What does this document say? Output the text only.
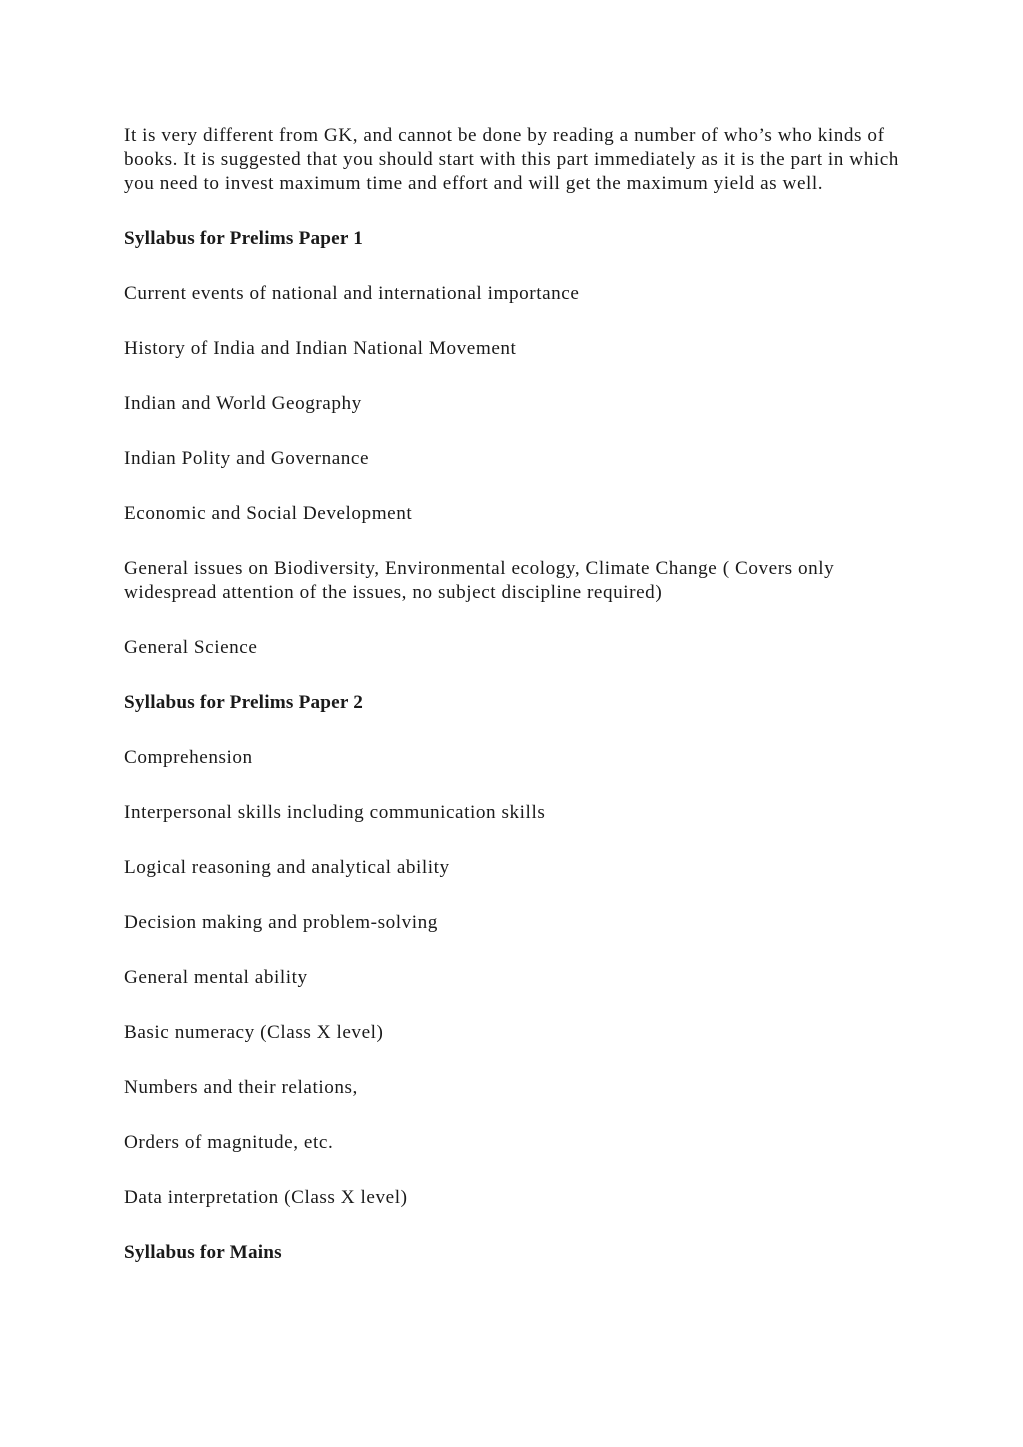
It is very different from GK, and cannot be done by reading a number of who’s who kinds of books. It is suggested that you should start with this part immediately as it is the part in which you need to invest maximum time and effort and will get the maximum yield as well.

Syllabus for Prelims Paper 1

Current events of national and international importance

History of India and Indian National Movement

Indian and World Geography

Indian Polity and Governance

Economic and Social Development

General issues on Biodiversity, Environmental ecology, Climate Change ( Covers only widespread attention of the issues, no subject discipline required)

General Science

Syllabus for Prelims Paper 2

Comprehension

Interpersonal skills including communication skills

Logical reasoning and analytical ability

Decision making and problem-solving

General mental ability

Basic numeracy (Class X level)

Numbers and their relations,

Orders of magnitude, etc.

Data interpretation (Class X level)

Syllabus for Mains
